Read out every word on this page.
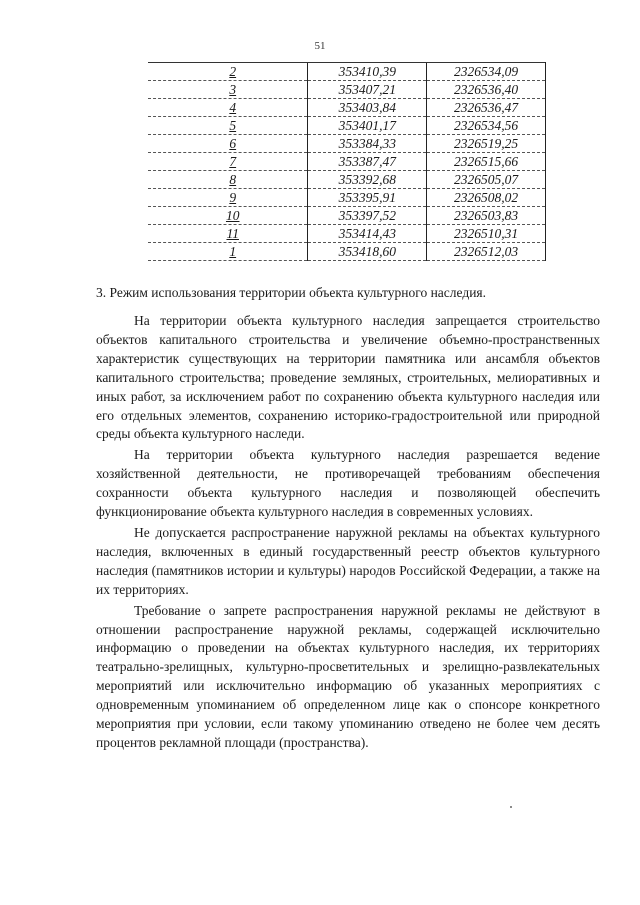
51
2	353410,39	2326534,09
3	353407,21	2326536,40
4	353403,84	2326536,47
5	353401,17	2326534,56
6	353384,33	2326519,25
7	353387,47	2326515,66
8	353392,68	2326505,07
9	353395,91	2326508,02
10	353397,52	2326503,83
11	353414,43	2326510,31
1	353418,60	2326512,03

3. Режим использования территории объекта культурного наследия.

На территории объекта культурного наследия запрещается строительство объектов капитального строительства и увеличение объемно-пространственных характеристик существующих на территории памятника или ансамбля объектов капитального строительства; проведение земляных, строительных, мелиоративных и иных работ, за исключением работ по сохранению объекта культурного наследия или его отдельных элементов, сохранению историко-градостроительной или природной среды объекта культурного наследи.

На территории объекта культурного наследия разрешается ведение хозяйственной деятельности, не противоречащей требованиям обеспечения сохранности объекта культурного наследия и позволяющей обеспечить функционирование объекта культурного наследия в современных условиях.

Не допускается распространение наружной рекламы на объектах культурного наследия, включенных в единый государственный реестр объектов культурного наследия (памятников истории и культуры) народов Российской Федерации, а также на их территориях.

Требование о запрете распространения наружной рекламы не действуют в отношении распространение наружной рекламы, содержащей исключительно информацию о проведении на объектах культурного наследия, их территориях театрально-зрелищных, культурно-просветительных и зрелищно-развлекательных мероприятий или исключительно информацию об указанных мероприятиях с одновременным упоминанием об определенном лице как о спонсоре конкретного мероприятия при условии, если такому упоминанию отведено не более чем десять процентов рекламной площади (пространства).
